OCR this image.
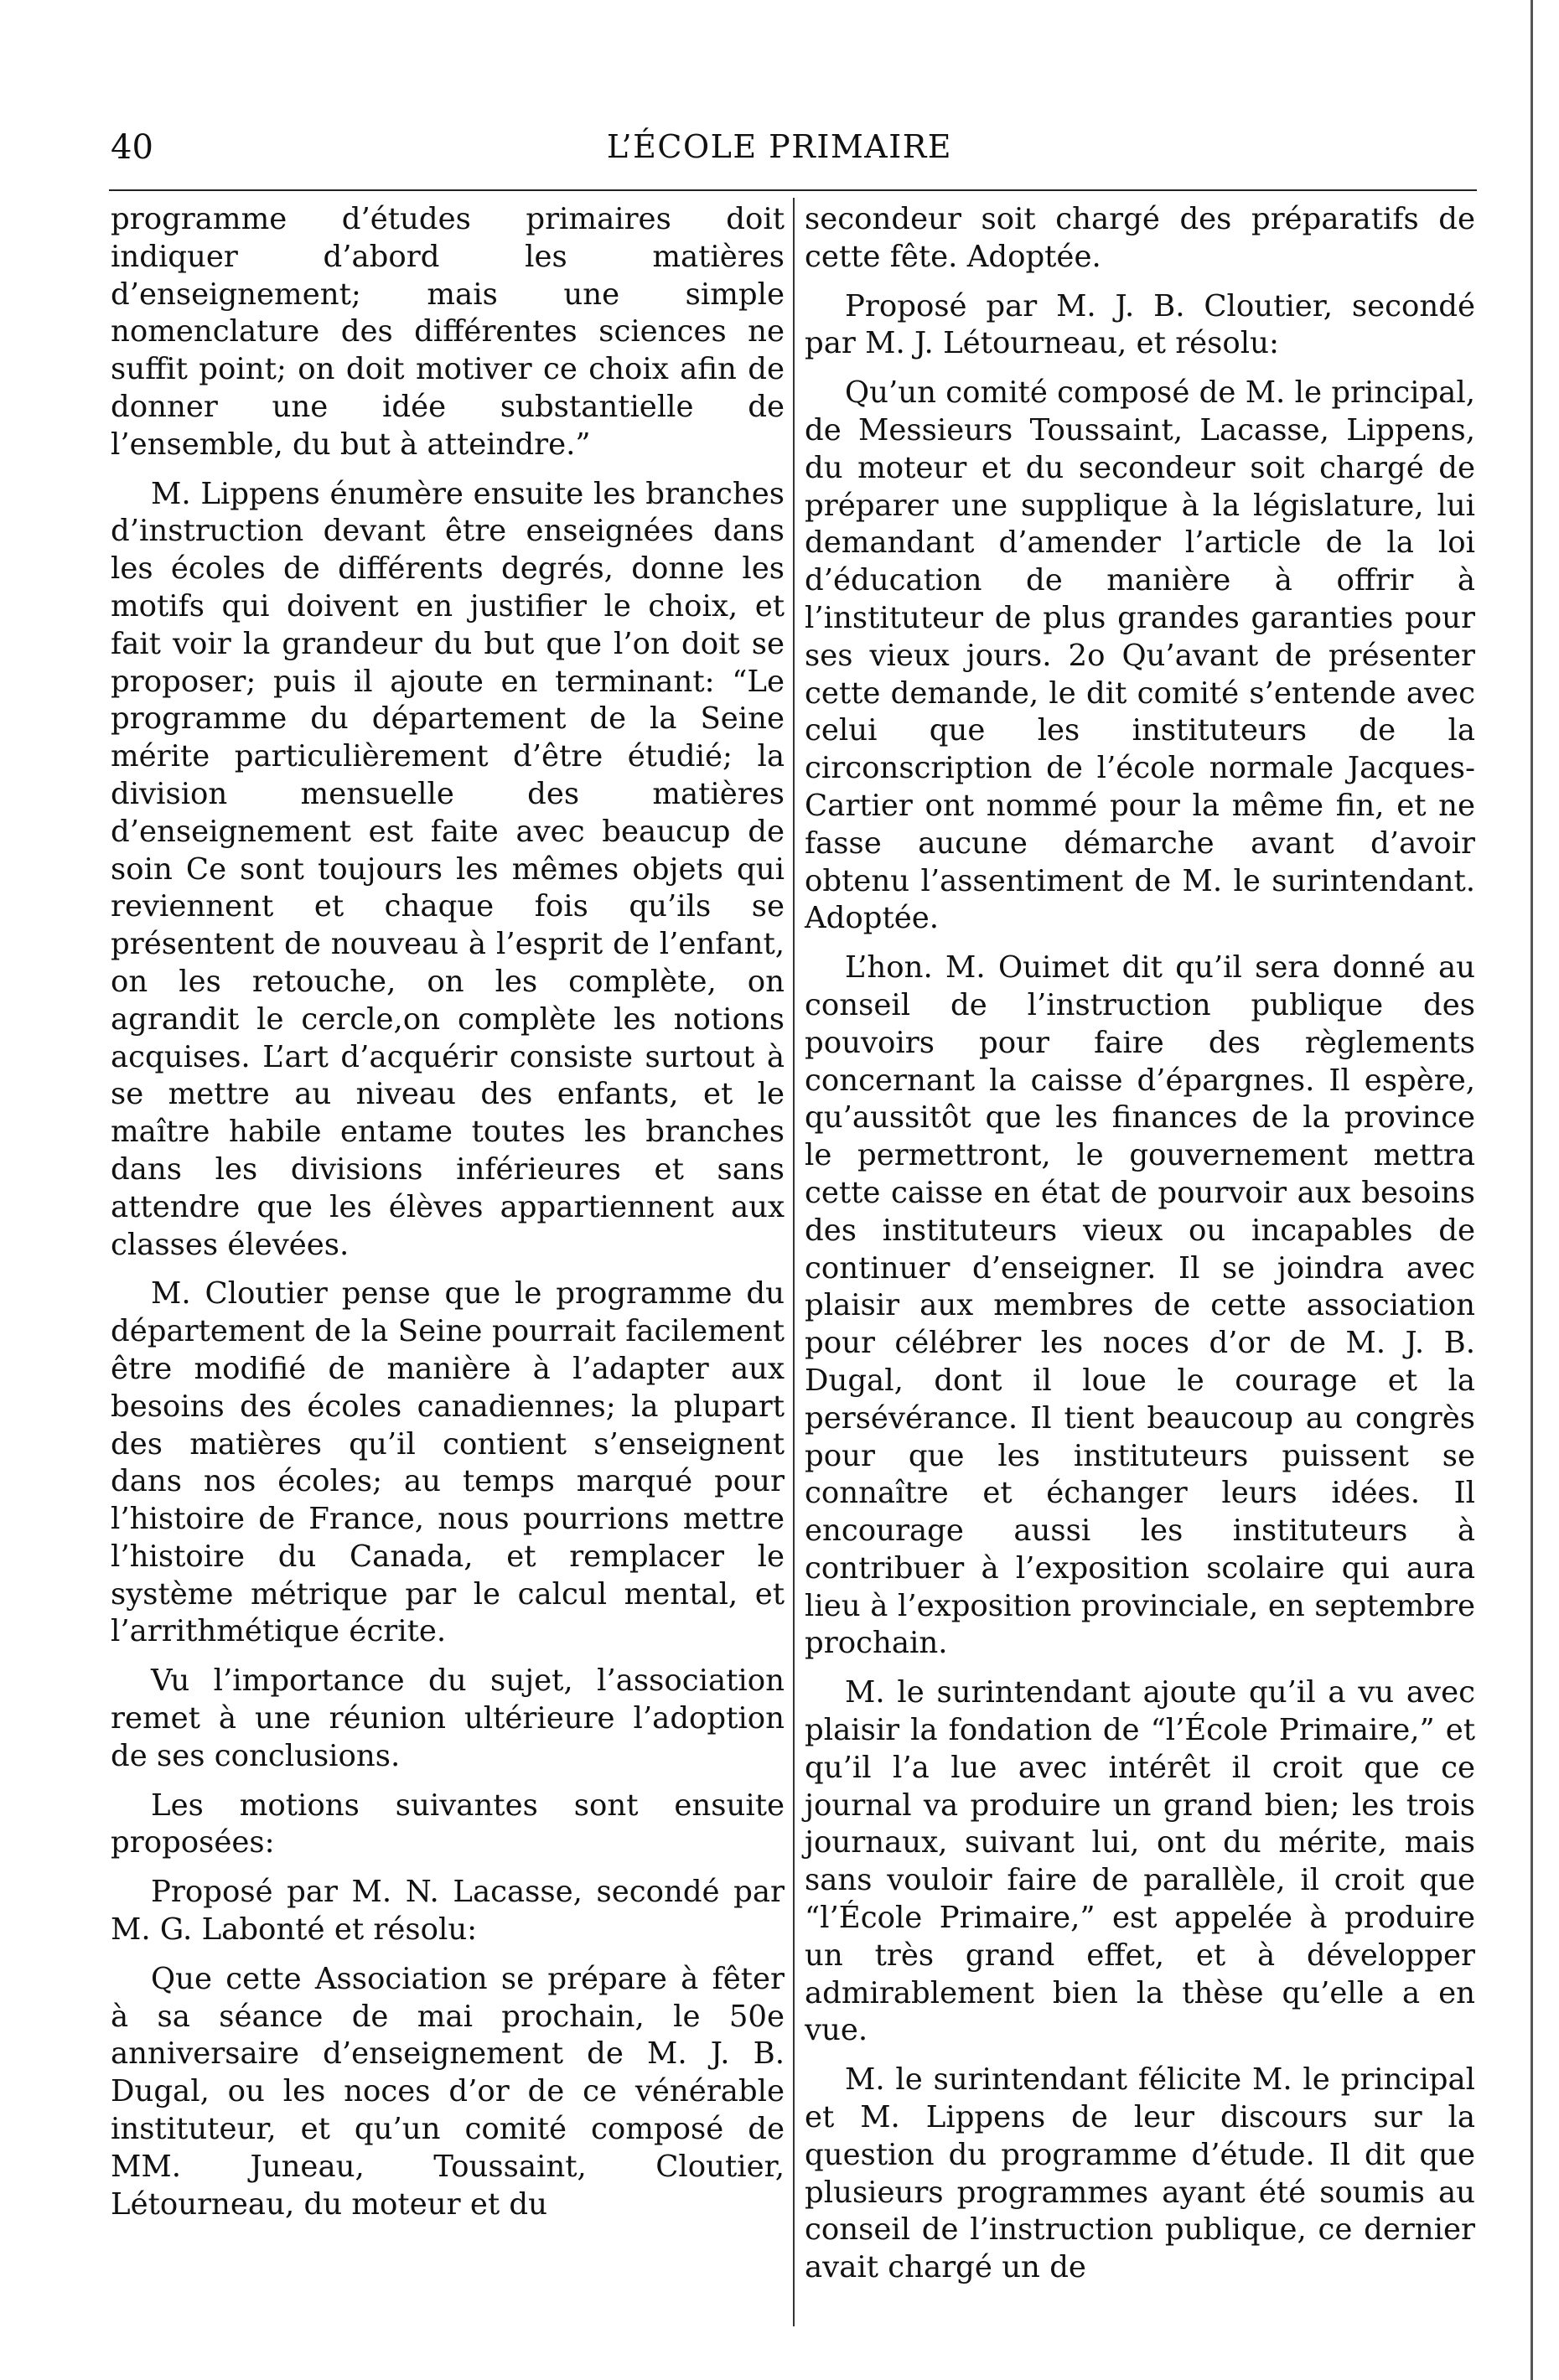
40	L’ÉCOLE PRIMAIRE

programme d’études primaires doit indiquer d’abord les matières d’enseignement; mais une simple nomenclature des différentes sciences ne suffit point; on doit motiver ce choix afin de donner une idée substantielle de l’ensemble, du but à atteindre.”

M. Lippens énumère ensuite les branches d’instruction devant être enseignées dans les écoles de différents degrés, donne les motifs qui doivent en justifier le choix, et fait voir la grandeur du but que l’on doit se proposer; puis il ajoute en terminant: “Le programme du département de la Seine mérite particulièrement d’être étudié; la division mensuelle des matières d’enseignement est faite avec beaucup de soin Ce sont toujours les mêmes objets qui reviennent et chaque fois qu’ils se présentent de nouveau à l’esprit de l’enfant, on les retouche, on les complète, on agrandit le cercle,on complète les notions acquises. L’art d’acquérir consiste surtout à se mettre au niveau des enfants, et le maître habile entame toutes les branches dans les divisions inférieures et sans attendre que les élèves appartiennent aux classes élevées.

M. Cloutier pense que le programme du département de la Seine pourrait facilement être modifié de manière à l’adapter aux besoins des écoles canadiennes; la plupart des matières qu’il contient s’enseignent dans nos écoles; au temps marqué pour l’histoire de France, nous pourrions mettre l’histoire du Canada, et remplacer le système métrique par le calcul mental, et l’arrithmétique écrite.

Vu l’importance du sujet, l’association remet à une réunion ultérieure l’adoption de ses conclusions.

Les motions suivantes sont ensuite proposées:

Proposé par M. N. Lacasse, secondé par M. G. Labonté et résolu:

Que cette Association se prépare à fêter à sa séance de mai prochain, le 50e anniversaire d’enseignement de M. J. B. Dugal, ou les noces d’or de ce vénérable instituteur, et qu’un comité composé de MM. Juneau, Toussaint, Cloutier, Létourneau, du moteur et du

secondeur soit chargé des préparatifs de cette fête. Adoptée.

Proposé par M. J. B. Cloutier, secondé par M. J. Létourneau, et résolu:

Qu’un comité composé de M. le principal, de Messieurs Toussaint, Lacasse, Lippens, du moteur et du secondeur soit chargé de préparer une supplique à la législature, lui demandant d’amender l’article de la loi d’éducation de manière à offrir à l’instituteur de plus grandes garanties pour ses vieux jours. 2o Qu’avant de présenter cette demande, le dit comité s’entende avec celui que les instituteurs de la circonscription de l’école normale Jacques-Cartier ont nommé pour la même fin, et ne fasse aucune démarche avant d’avoir obtenu l’assentiment de M. le surintendant. Adoptée.

L’hon. M. Ouimet dit qu’il sera donné au conseil de l’instruction publique des pouvoirs pour faire des règlements concernant la caisse d’épargnes. Il espère, qu’aussitôt que les finances de la province le permettront, le gouvernement mettra cette caisse en état de pourvoir aux besoins des instituteurs vieux ou incapables de continuer d’enseigner. Il se joindra avec plaisir aux membres de cette association pour célébrer les noces d’or de M. J. B. Dugal, dont il loue le courage et la persévérance. Il tient beaucoup au congrès pour que les instituteurs puissent se connaître et échanger leurs idées. Il encourage aussi les instituteurs à contribuer à l’exposition scolaire qui aura lieu à l’exposition provinciale, en septembre prochain.

M. le surintendant ajoute qu’il a vu avec plaisir la fondation de “l’École Primaire,” et qu’il l’a lue avec intérêt il croit que ce journal va produire un grand bien; les trois journaux, suivant lui, ont du mérite, mais sans vouloir faire de parallèle, il croit que “l’École Primaire,” est appelée à produire un très grand effet, et à développer admirablement bien la thèse qu’elle a en vue.

M. le surintendant félicite M. le principal et M. Lippens de leur discours sur la question du programme d’étude. Il dit que plusieurs programmes ayant été soumis au conseil de l’instruction publique, ce dernier avait chargé un de
